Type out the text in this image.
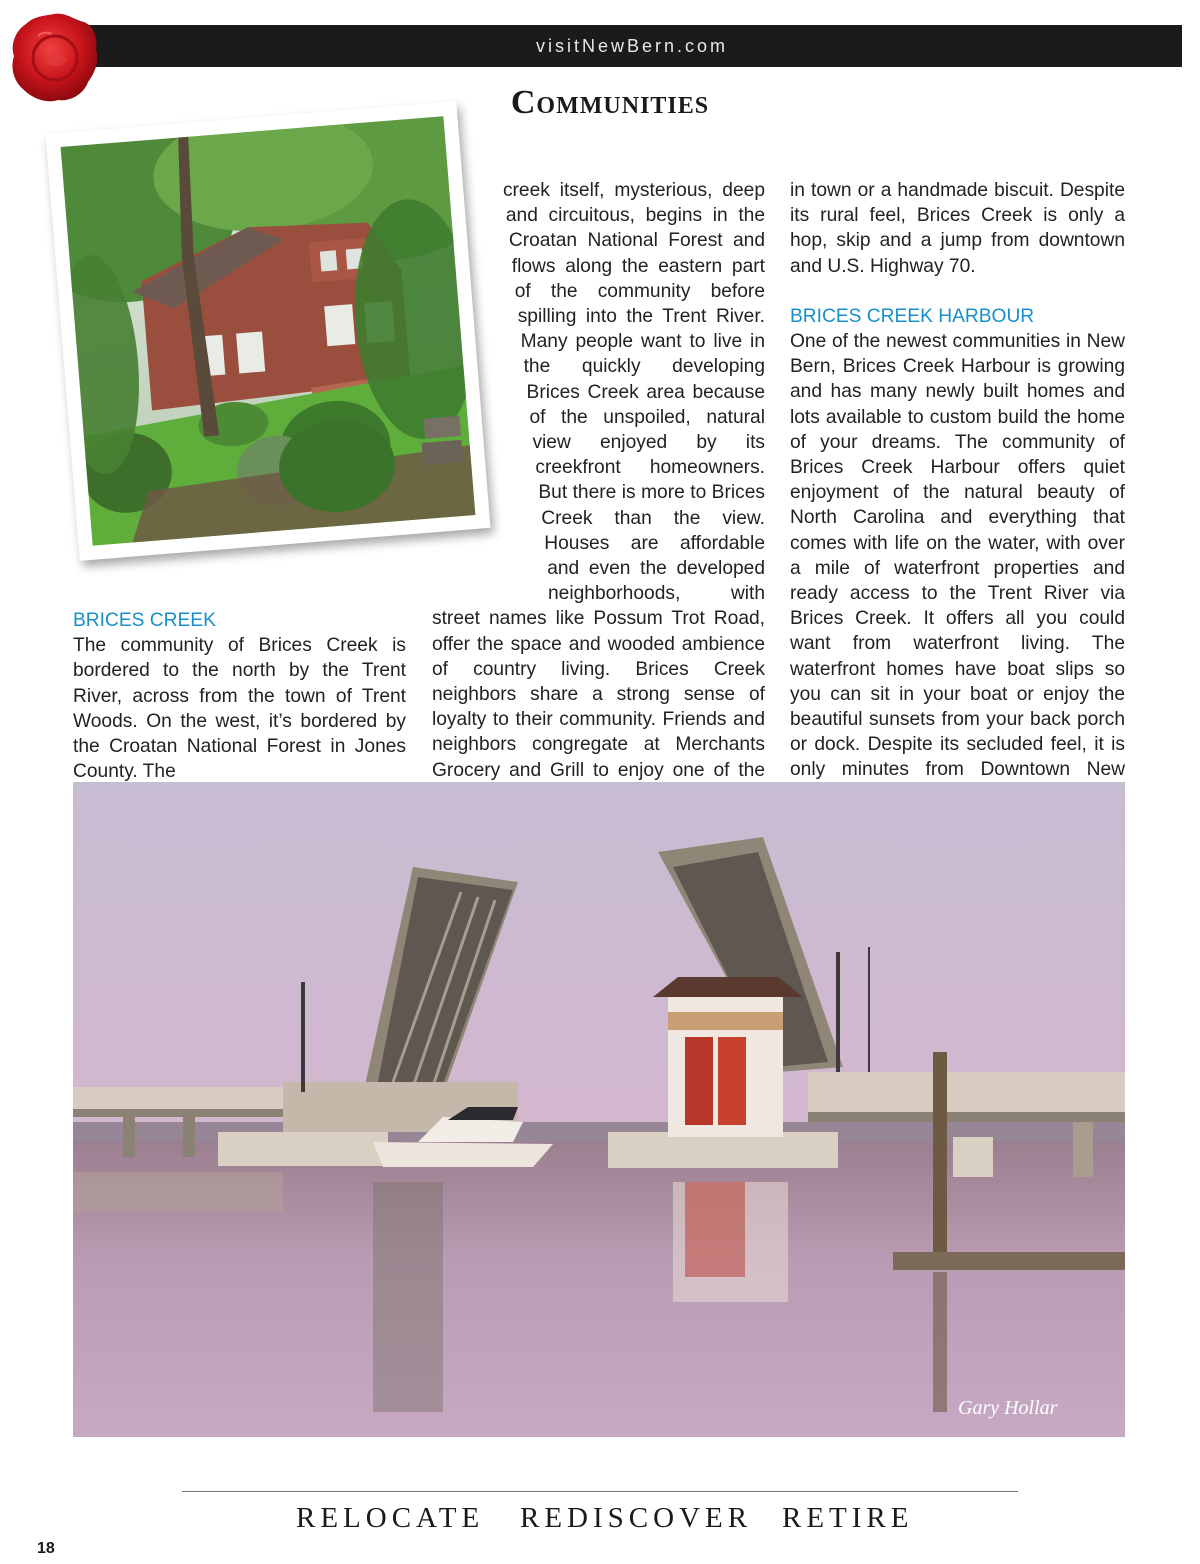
visitNewBern.com
Communities
BRICES CREEK

The community of Brices Creek is bordered to the north by the Trent River, across from the town of Trent Woods. On the west, it’s bordered by the Croatan National Forest in Jones County. The

creek itself, mysterious, deep and circuitous, begins in the Croatan National Forest and flows along the eastern part of the community before spilling into the Trent River. Many people want to live in the quickly developing Brices Creek area because of the unspoiled, natural view enjoyed by its creekfront homeowners. But there is more to Brices Creek than the view. Houses are affordable and even the developed neighborhoods, with street names like Possum Trot Road, offer the space and wooded ambience of country living. Brices Creek neighbors share a strong sense of loyalty to their community. Friends and neighbors congregate at Merchants Grocery and Grill to enjoy one of the

in town or a handmade biscuit. Despite its rural feel, Brices Creek is only a hop, skip and a jump from downtown and U.S. Highway 70.

BRICES CREEK HARBOUR

One of the newest communities in New Bern, Brices Creek Harbour is growing and has many newly built homes and lots available to custom build the home of your dreams. The community of Brices Creek Harbour offers quiet enjoyment of the natural beauty of North Carolina and everything that comes with life on the water, with over a mile of waterfront properties and ready access to the Trent River via Brices Creek. It offers all you could want from waterfront living. The waterfront homes have boat slips so you can sit in your boat or enjoy the beautiful sunsets from your back porch or dock. Despite its secluded feel, it is only minutes from Downtown New

Gary Hollar
18
RELOCATE REDISCOVER RETIRE
